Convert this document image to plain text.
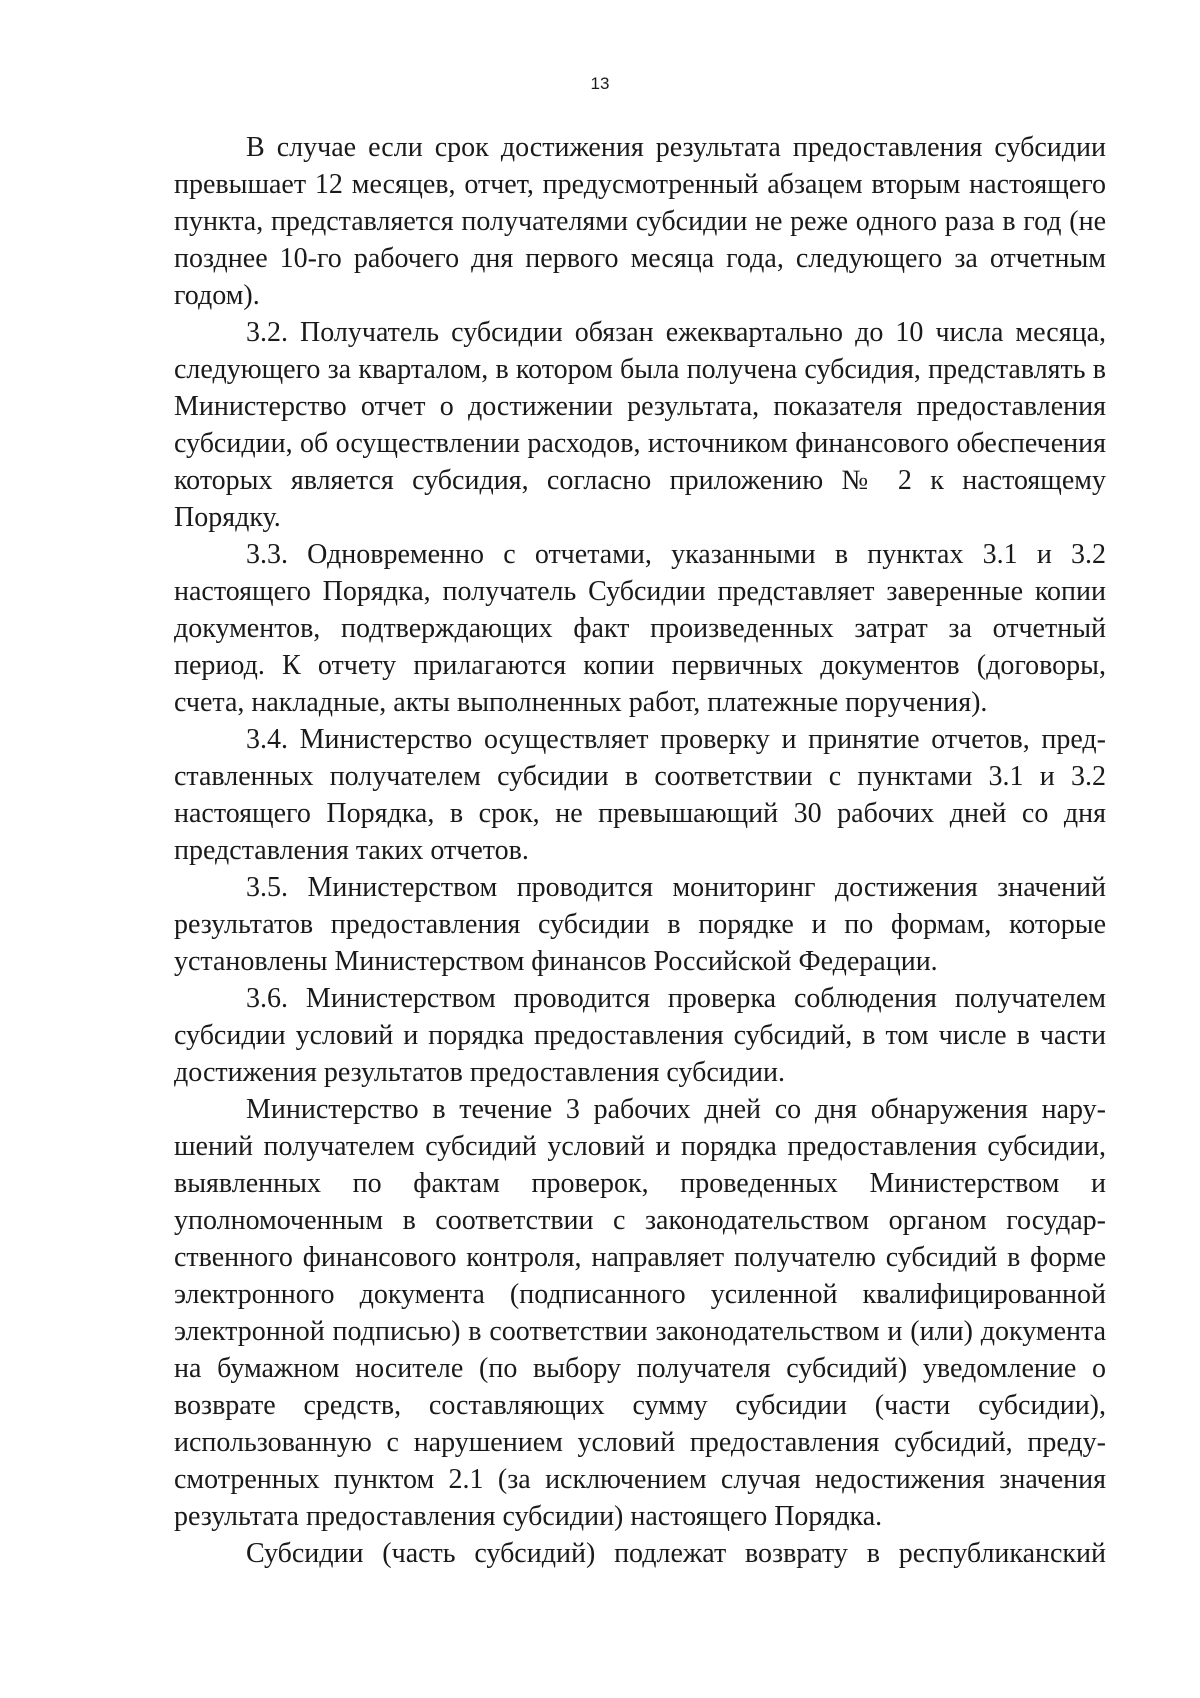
13

В случае если срок достижения результата предоставления субсидии превышает 12 месяцев, отчет, предусмотренный абзацем вторым настоящего пункта, представляется получателями субсидии не реже одного раза в год (не позднее 10-го рабочего дня первого месяца года, следующего за отчетным годом).

3.2. Получатель субсидии обязан ежеквартально до 10 числа месяца, следующего за кварталом, в котором была получена субсидия, представлять в Министерство отчет о достижении результата, показателя предоставления субсидии, об осуществлении расходов, источником финансового обеспечения которых является субсидия, согласно приложению № 2 к настоящему Порядку.

3.3. Одновременно с отчетами, указанными в пунктах 3.1 и 3.2 настоящего Порядка, получатель Субсидии представляет заверенные копии документов, подтверждающих факт произведенных затрат за отчетный период. К отчету прилагаются копии первичных документов (договоры, счета, накладные, акты выполненных работ, платежные поручения).

3.4. Министерство осуществляет проверку и принятие отчетов, представленных получателем субсидии в соответствии с пунктами 3.1 и 3.2 настоящего Порядка, в срок, не превышающий 30 рабочих дней со дня представления таких отчетов.

3.5. Министерством проводится мониторинг достижения значений результатов предоставления субсидии в порядке и по формам, которые установлены Министерством финансов Российской Федерации.

3.6. Министерством проводится проверка соблюдения получателем субсидии условий и порядка предоставления субсидий, в том числе в части достижения результатов предоставления субсидии.

Министерство в течение 3 рабочих дней со дня обнаружения нарушений получателем субсидий условий и порядка предоставления субсидии, выявленных по фактам проверок, проведенных Министерством и уполномоченным в соответствии с законодательством органом государственного финансового контроля, направляет получателю субсидий в форме электронного документа (подписанного усиленной квалифицированной электронной подписью) в соответствии законодательством и (или) документа на бумажном носителе (по выбору получателя субсидий) уведомление о возврате средств, составляющих сумму субсидии (части субсидии), использованную с нарушением условий предоставления субсидий, предусмотренных пунктом 2.1 (за исключением случая недостижения значения результата предоставления субсидии) настоящего Порядка.

Субсидии (часть субсидий) подлежат возврату в республиканский
